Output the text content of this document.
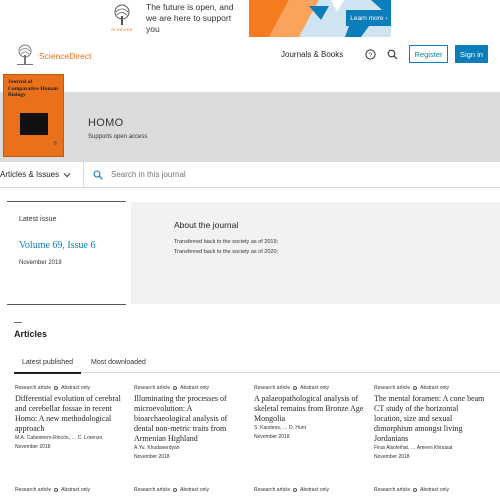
ELSEVIER
The future is open, and we are here to support you
Learn more ›
ScienceDirect	Journals & Books	?	Register	Sign in
Journal of Comparative Human Biology
6
HOMO
Supports open access
Articles & Issues
Search in this journal
Latest issue
Volume 69, Issue 6
November 2018
About the journal
Transferred back to the society as of 2019;
Transferred back to the society as of 2020;
Articles
Latest published	Most downloaded
Research article Abstract only
Differential evolution of cerebral and cerebellar fossae in recent Homo: A new methodological approach
M.A. Cabestrero-Rincón, … C. Lorenzo
November 2018
Research article Abstract only
Illuminating the processes of microevolution: A bioarchaeological analysis of dental non-metric traits from Armenian Highland
A.Yu. Khudaverdyan
November 2018
Research article Abstract only
A palaeopathological analysis of skeletal remains from Bronze Age Mongolia
S. Karstens, … D. Hunt
November 2018
Research article Abstract only
The mental foramen: A cone beam CT study of the horizontal location, size and sexual dimorphism amongst living Jordanians
Firas Alsoleihat, … Ameen Khraisat
November 2018
Research article Abstract only	Research article Abstract only	Research article Abstract only	Research article Abstract only
